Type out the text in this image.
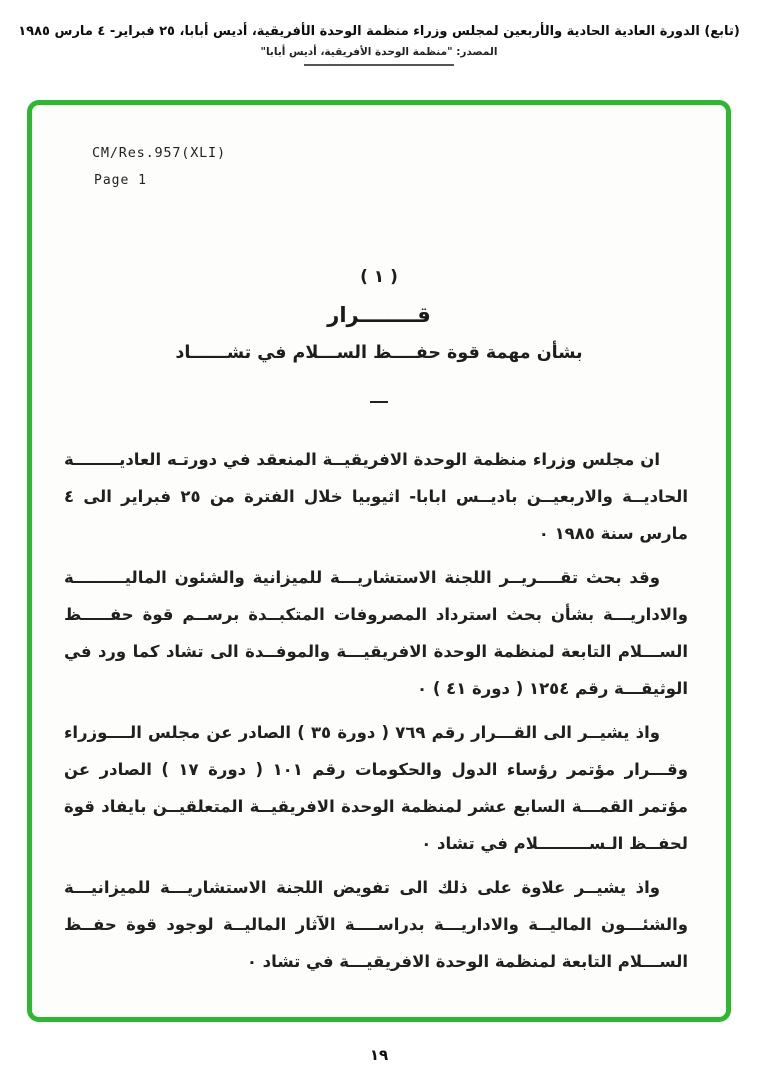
(تابع) الدورة العادية الحادية والأربعين لمجلس وزراء منظمة الوحدة الأفريقية، أديس أبابا، ٢٥ فبراير- ٤ مارس ١٩٨٥
المصدر: "منظمة الوحدة الأفريقية، أديس أبابا"
CM/Res.957(XLI)
Page 1
( ١ )
قــــــــرار
بشأن مهمة قوة حفــــظ الســـلام في تشــــــاد

ان مجلس وزراء منظمة الوحدة الافريقيــة المنعقد في دورتـه العاديــــــــة الحاديــة والاربعيــن باديــس ابابا- اثيوبيا خلال الفترة من ٢٥ فبراير الى ٤ مارس سنة ١٩٨٥ ٠

وقد بحث تقــــريــر اللجنة الاستشاريـــة للميزانية والشئون الماليـــــــــة والاداريـــة بشأن بحث استرداد المصروفات المتكبــدة برســم قوة حفـــــظ الســـلام التابعة لمنظمة الوحدة الافريقيـــة والموفــدة الى تشاد كما ورد في الوثيقـــة رقم ١٢٥٤ ( دورة ٤١ ) ٠

واذ يشيــر الى القـــرار رقم ٧٦٩ ( دورة ٣٥ ) الصادر عن مجلس الــــوزراء وقـــرار مؤتمر رؤساء الدول والحكومات رقم ١٠١ ( دورة ١٧ ) الصادر عن مؤتمر القمـــة السابع عشر لمنظمة الوحدة الافريقيــة المتعلقيــن بايفاد قوة لحفــظ الـســـــــــلام في تشاد ٠

واذ يشيــر علاوة على ذلك الى تفويض اللجنة الاستشاريـــة للميزانيـــة والشئـــون الماليــة والاداريـــة بدراســــة الآثار الماليــة لوجود قوة حفــظ الســـلام التابعة لمنظمة الوحدة الافريقيـــة في تشاد ٠

١٩
